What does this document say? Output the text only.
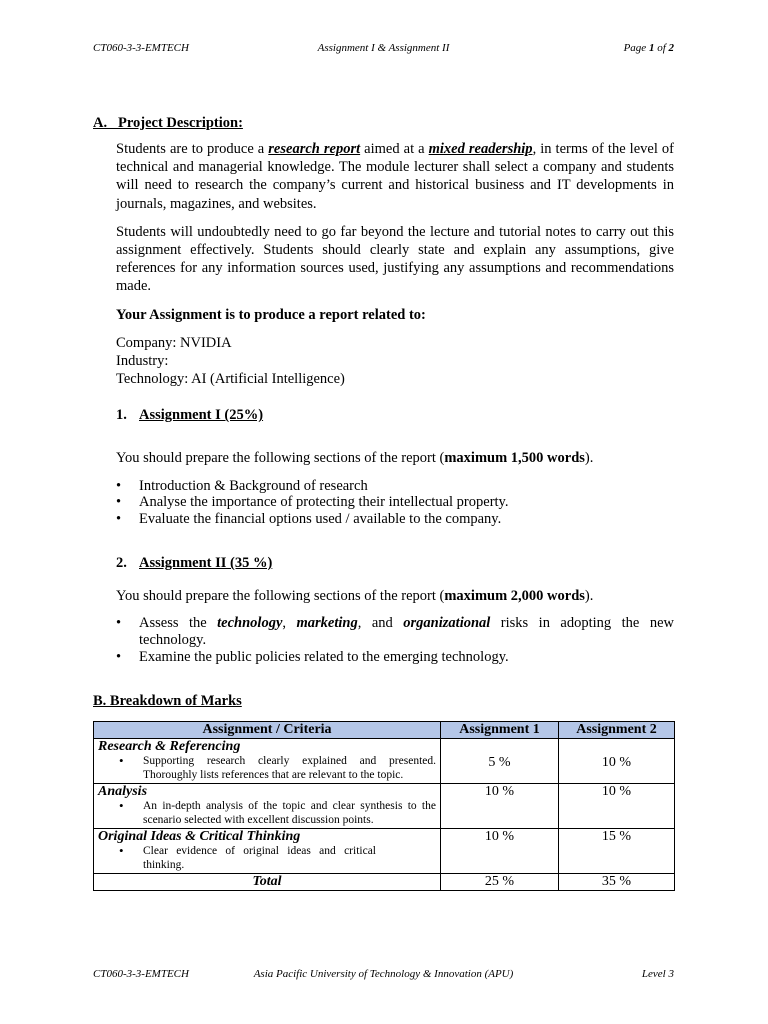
CT060-3-3-EMTECH	Assignment I & Assignment II	Page 1 of 2
A.   Project Description:

Students are to produce a research report aimed at a mixed readership, in terms of the level of technical and managerial knowledge. The module lecturer shall select a company and students will need to research the company’s current and historical business and IT developments in journals, magazines, and websites.

Students will undoubtedly need to go far beyond the lecture and tutorial notes to carry out this assignment effectively. Students should clearly state and explain any assumptions, give references for any information sources used, justifying any assumptions and recommendations made.

Your Assignment is to produce a report related to:

Company: NVIDIA
Industry:
Technology: AI (Artificial Intelligence)
1. Assignment I (25%)

You should prepare the following sections of the report (maximum 1,500 words).

• Introduction & Background of research
• Analyse the importance of protecting their intellectual property.
• Evaluate the financial options used / available to the company.
2. Assignment II (35 %)

You should prepare the following sections of the report (maximum 2,000 words).

• Assess the technology, marketing, and organizational risks in adopting the new technology.
• Examine the public policies related to the emerging technology.
B. Breakdown of Marks
Assignment / Criteria	Assignment 1	Assignment 2

Research & Referencing
• Supporting research clearly explained and presented. Thoroughly lists references that are relevant to the topic.	5 %	10 %

Analysis
• An in-depth analysis of the topic and clear synthesis to the scenario selected with excellent discussion points.	10 %	10 %

Original Ideas & Critical Thinking
• Clear evidence of original ideas and critical thinking.	10 %	15 %
Total	25 %	35 %
CT060-3-3-EMTECH	Asia Pacific University of Technology & Innovation (APU)	Level 3
